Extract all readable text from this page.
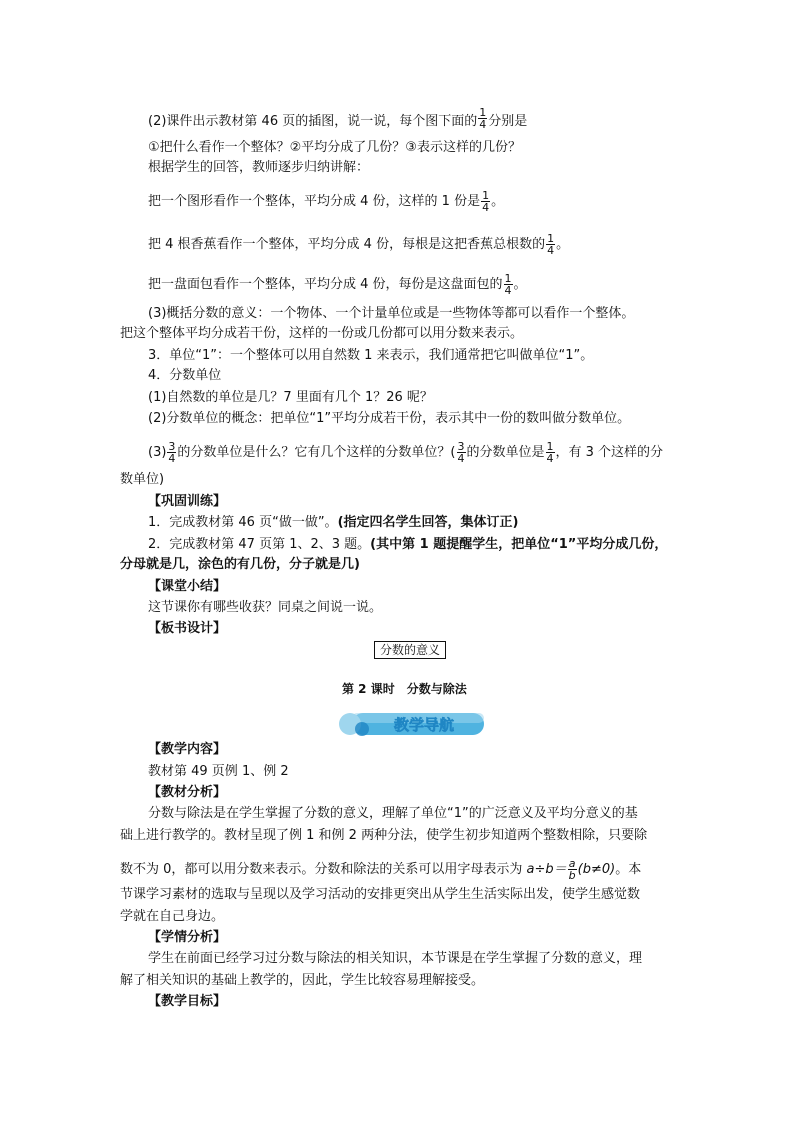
(2)课件出示教材第 46 页的插图，说一说，每个图下面的 $\frac{1}{4}$ 分别是
①把什么看作一个整体？②平均分成了几份？③表示这样的几份？
根据学生的回答，教师逐步归纳讲解：
把一个图形看作一个整体，平均分成 4 份，这样的 1 份是 $\frac{1}{4}$ 。
把 4 根香蕉看作一个整体，平均分成 4 份，每根是这把香蕉总根数的 $\frac{1}{4}$ 。
把一盘面包看作一个整体，平均分成 4 份，每份是这盘面包的 $\frac{1}{4}$ 。
(3)概括分数的意义：一个物体、一个计量单位或是一些物体等都可以看作一个整体。
把这个整体平均分成若干份，这样的一份或几份都可以用分数来表示。
3．单位“1”：一个整体可以用自然数 1 来表示，我们通常把它叫做单位“1”。
4．分数单位
(1)自然数的单位是几？7 里面有几个 1？26 呢？
(2)分数单位的概念：把单位“1”平均分成若干份，表示其中一份的数叫做分数单位。
$(3) \frac{3}{4}$ 的分数单位是什么？它有几个这样的分数单位？( $\frac{3}{4}$ 的分数单位是 $\frac{1}{4}$ ，有 3 个这样的分
数单位)
【巩固训练】
1．完成教材第 46 页“做一做”。(指定四名学生回答，集体订正)
2．完成教材第 47 页第 1、2、3 题。(其中第 1 题提醒学生，把单位“1”平均分成几份，
分母就是几，涂色的有几份，分子就是几)
【课堂小结】
这节课你有哪些收获？同桌之间说一说。
【板书设计】
分数的意义
第 2 课时　分数与除法
教学导航
【教学内容】
教材第 49 页例 1、例 2
【教材分析】
分数与除法是在学生掌握了分数的意义，理解了单位“1”的广泛意义及平均分意义的基
础上进行教学的。教材呈现了例 1 和例 2 两种分法，使学生初步知道两个整数相除，只要除
数不为 0，都可以用分数来表示。分数和除法的关系可以用字母表示为 $a\div b= \frac{a}{b} (b\ne 0)$。本
节课学习素材的选取与呈现以及学习活动的安排更突出从学生生活实际出发，使学生感觉数
学就在自己身边。
【学情分析】
学生在前面已经学习过分数与除法的相关知识，本节课是在学生掌握了分数的意义，理
解了相关知识的基础上教学的，因此，学生比较容易理解接受。
【教学目标】
